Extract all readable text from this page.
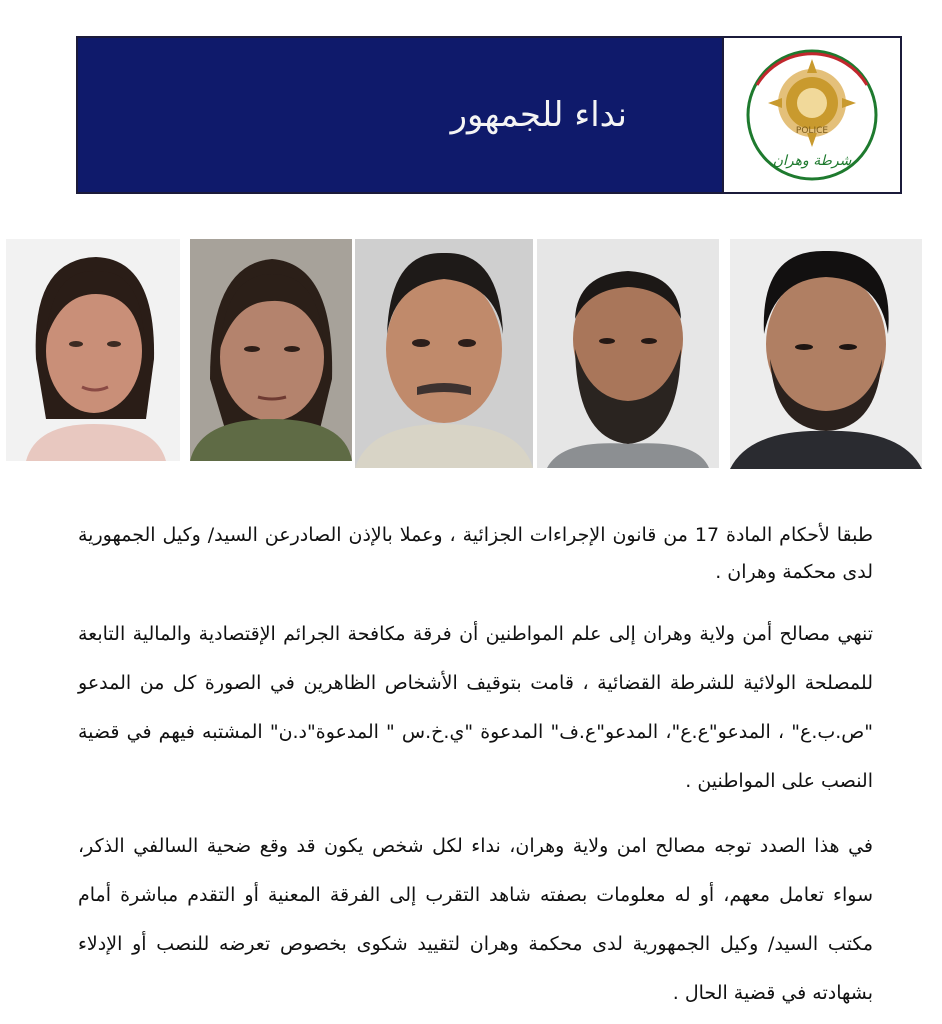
نداء للجمهور	POLICE
شرطة وهران

طبقا لأحكام المادة 17 من قانون الإجراءات الجزائية ، وعملا بالإذن الصادرعن السيد/ وكيل الجمهورية لدى محكمة وهران .

تنهي مصالح أمن ولاية وهران إلى علم المواطنين أن فرقة مكافحة الجرائم الإقتصادية والمالية التابعة للمصلحة الولائية للشرطة القضائية ، قامت بتوقيف الأشخاص الظاهرين في الصورة كل من المدعو "ص.ب.ع" ، المدعو"ع.ع"، المدعو"ع.ف" المدعوة "ي.خ.س " المدعوة"د.ن" المشتبه فيهم في قضية النصب على المواطنين .

في هذا الصدد توجه مصالح امن ولاية وهران، نداء لكل شخص يكون قد وقع ضحية السالفي الذكر، سواء تعامل معهم، أو له معلومات بصفته شاهد التقرب إلى الفرقة المعنية أو التقدم مباشرة أمام مكتب السيد/ وكيل الجمهورية لدى محكمة وهران لتقييد شكوى بخصوص تعرضه للنصب أو الإدلاء بشهادته في قضية الحال .
